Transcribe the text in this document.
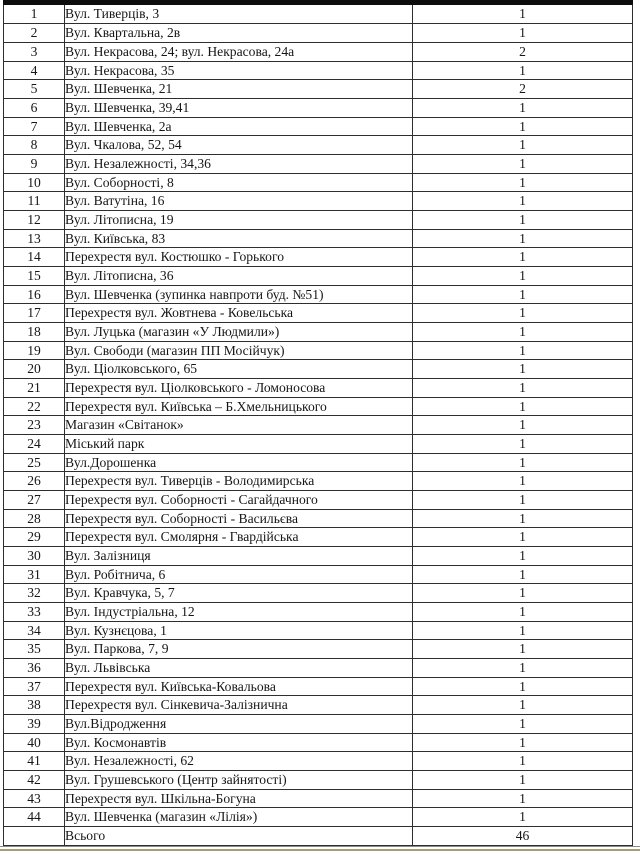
1	Вул. Тиверців, 3	1
2	Вул. Квартальна, 2в	1
3	Вул. Некрасова, 24; вул. Некрасова, 24а	2
4	Вул. Некрасова, 35	1
5	Вул. Шевченка, 21	2
6	Вул. Шевченка, 39,41	1
7	Вул. Шевченка, 2а	1
8	Вул. Чкалова, 52, 54	1
9	Вул. Незалежності, 34,36	1
10	Вул. Соборності, 8	1
11	Вул. Ватутіна, 16	1
12	Вул. Літописна, 19	1
13	Вул. Київська, 83	1
14	Перехрестя вул. Костюшко - Горького	1
15	Вул. Літописна, 36	1
16	Вул. Шевченка (зупинка навпроти буд. №51)	1
17	Перехрестя вул. Жовтнева - Ковельська	1
18	Вул. Луцька (магазин «У Людмили»)	1
19	Вул. Свободи (магазин ПП Мосійчук)	1
20	Вул. Ціолковського, 65	1
21	Перехрестя вул. Ціолковського - Ломоносова	1
22	Перехрестя вул. Київська – Б.Хмельницького	1
23	Магазин «Світанок»	1
24	Міський парк	1
25	Вул.Дорошенка	1
26	Перехрестя вул. Тиверців - Володимирська	1
27	Перехрестя вул. Соборності - Сагайдачного	1
28	Перехрестя вул. Соборності - Васильєва	1
29	Перехрестя вул. Смолярня - Гвардійська	1
30	Вул. Залізниця	1
31	Вул. Робітнича, 6	1
32	Вул. Кравчука, 5, 7	1
33	Вул. Індустріальна, 12	1
34	Вул. Кузнєцова, 1	1
35	Вул. Паркова, 7, 9	1
36	Вул. Львівська	1
37	Перехрестя вул. Київська-Ковальова	1
38	Перехрестя вул. Сінкевича-Залізнична	1
39	Вул.Відродження	1
40	Вул. Космонавтів	1
41	Вул. Незалежності, 62	1
42	Вул. Грушевського (Центр зайнятості)	1
43	Перехрестя вул. Шкільна-Богуна	1
44	Вул. Шевченка (магазин «Лілія»)	1
	Всього	46
